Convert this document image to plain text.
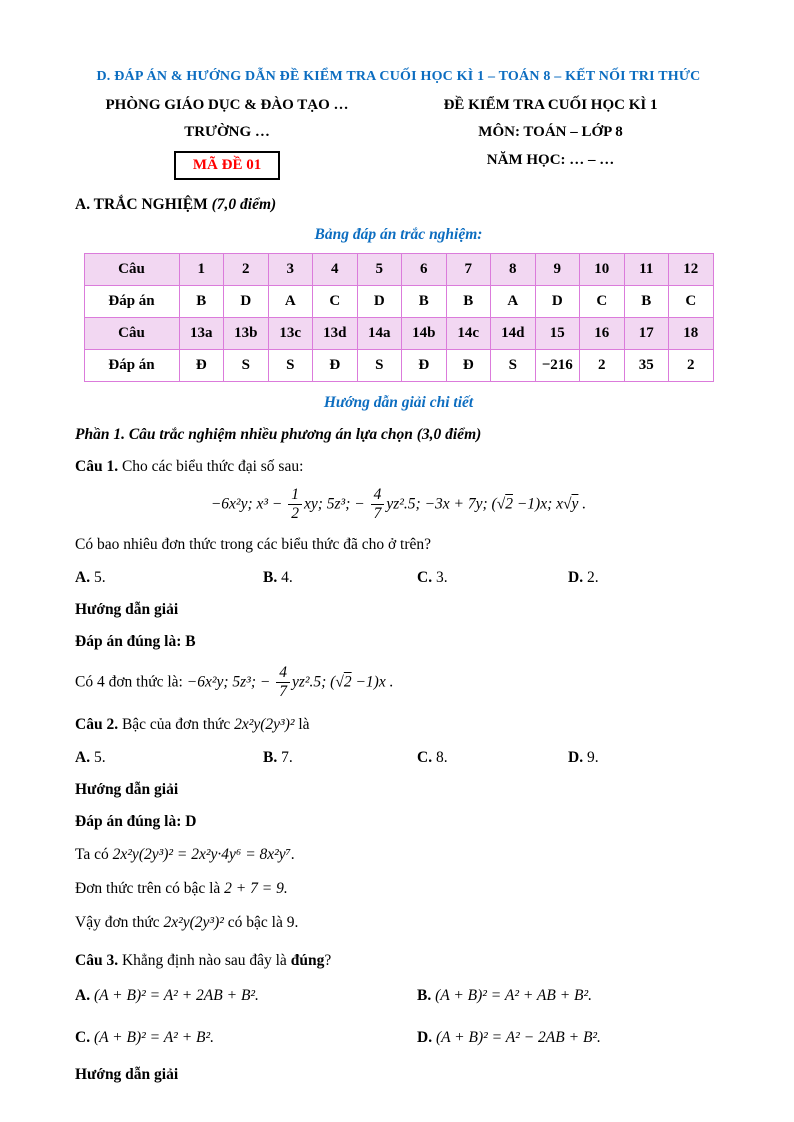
D. ĐÁP ÁN & HƯỚNG DẪN ĐỀ KIỂM TRA CUỐI HỌC KÌ 1 – TOÁN 8 – KẾT NỐI TRI THỨC
PHÒNG GIÁO DỤC & ĐÀO TẠO …
TRƯỜNG …
MÃ ĐỀ 01
ĐỀ KIỂM TRA CUỐI HỌC KÌ 1
MÔN: TOÁN – LỚP 8
NĂM HỌC: … – …
A. TRẮC NGHIỆM (7,0 điểm)
Bảng đáp án trắc nghiệm:
Câu	1	2	3	4	5	6	7	8	9	10	11	12
Đáp án	B	D	A	C	D	B	B	A	D	C	B	C
Câu	13a	13b	13c	13d	14a	14b	14c	14d	15	16	17	18
Đáp án	Đ	S	S	Đ	S	Đ	Đ	S	−216	2	35	2
Hướng dẫn giải chi tiết
Phần 1. Câu trắc nghiệm nhiều phương án lựa chọn (3,0 điểm)

Câu 1. Cho các biểu thức đại số sau:

−6x²y; $x^3 - \frac{1}{2}$ xy; 5z³; − $\frac{4}{7} yz^2.5$; −3x + 7y; (√2 −1)x; x√y .

Có bao nhiêu đơn thức trong các biểu thức đã cho ở trên?

A. 5.	B. 4.	C. 3.	D. 2.

Hướng dẫn giải

Đáp án đúng là: B

Có 4 đơn thức là: −6x²y; 5z³; − $\frac{4}{7} yz^2.5$; (√2 −1)x .

Câu 2. Bậc của đơn thức 2x²y(2y³)² là

A. 5.	B. 7.	C. 8.	D. 9.

Hướng dẫn giải

Đáp án đúng là: D

Ta có 2x²y(2y³)² = 2x²y·4y⁶ = 8x²y⁷.

Đơn thức trên có bậc là 2 + 7 = 9.

Vậy đơn thức 2x²y(2y³)² có bậc là 9.

Câu 3. Khẳng định nào sau đây là đúng?

A. (A + B)² = A² + 2AB + B².	B. (A + B)² = A² + AB + B².
C. (A + B)² = A² + B².	D. (A + B)² = A² − 2AB + B².

Hướng dẫn giải
